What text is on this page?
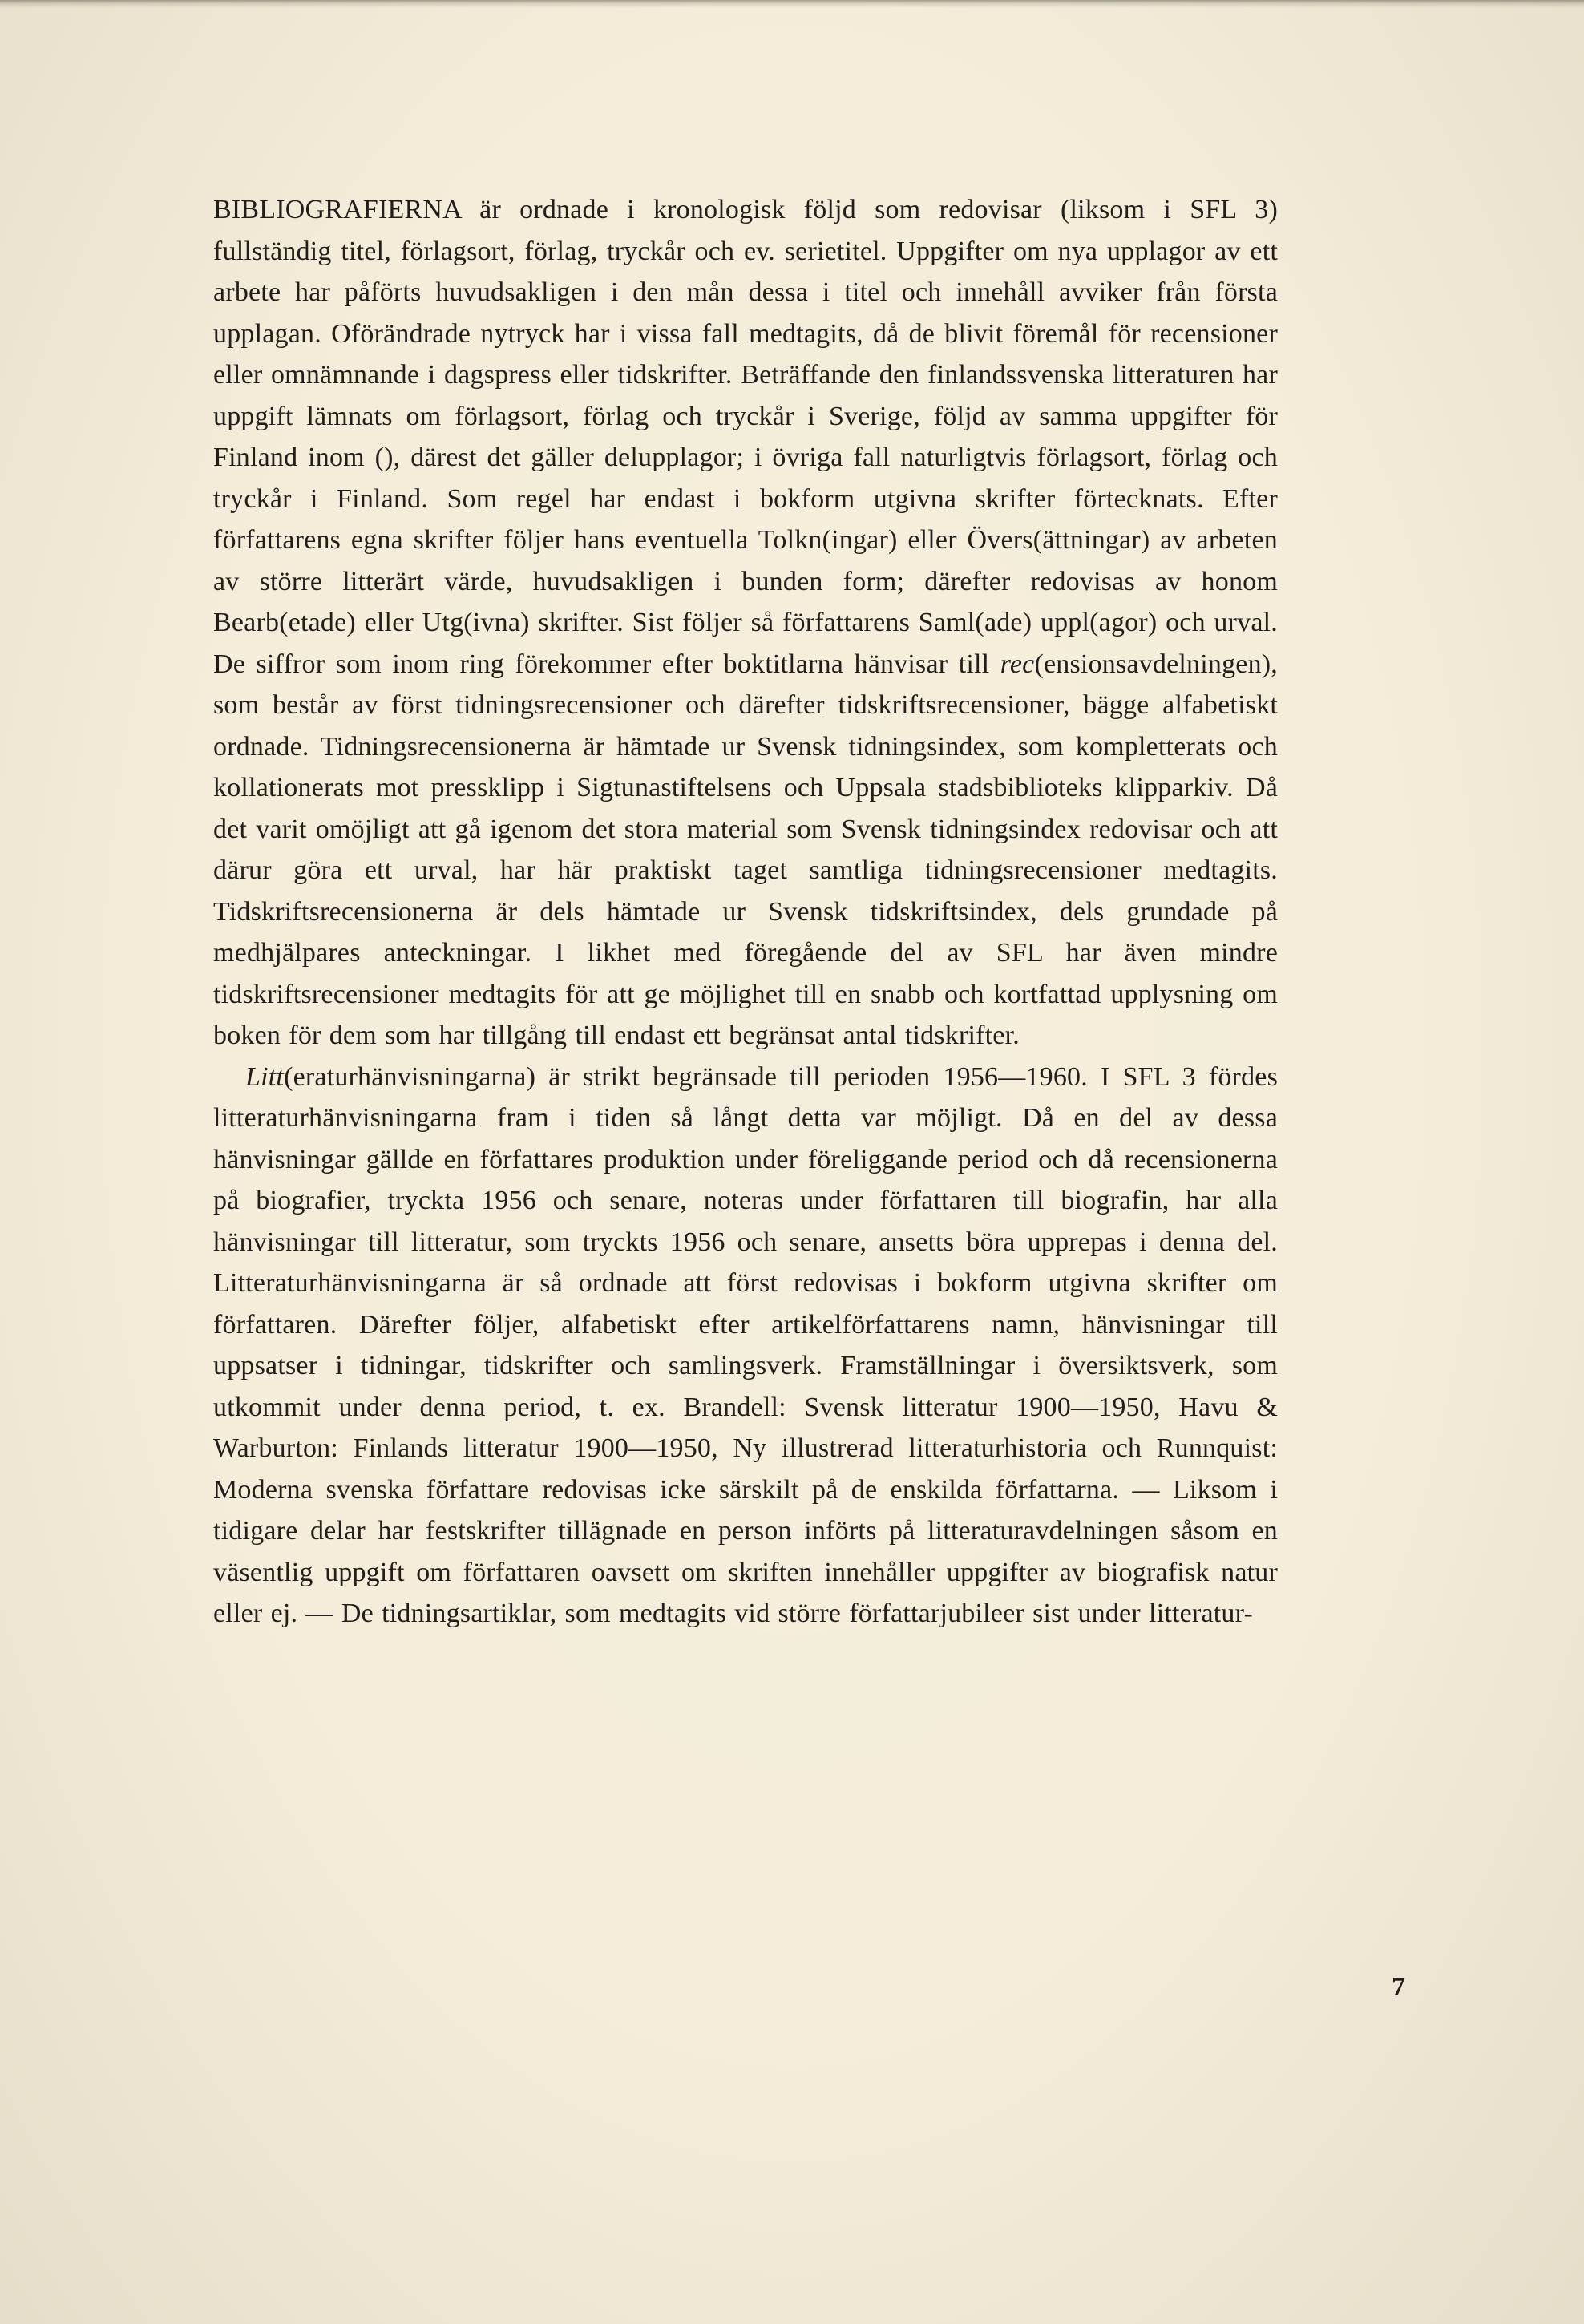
BIBLIOGRAFIERNA är ordnade i kronologisk följd som redovisar (liksom i SFL 3) fullständig titel, förlagsort, förlag, tryckår och ev. serietitel. Uppgifter om nya upplagor av ett arbete har påförts huvudsakligen i den mån dessa i titel och innehåll avviker från första upplagan. Oförändrade nytryck har i vissa fall medtagits, då de blivit föremål för recensioner eller omnämnande i dagspress eller tidskrifter. Beträffande den finlandssvenska litteraturen har uppgift lämnats om förlagsort, förlag och tryckår i Sverige, följd av samma uppgifter för Finland inom (), därest det gäller delupplagor; i övriga fall naturligtvis förlagsort, förlag och tryckår i Finland. Som regel har endast i bokform utgivna skrifter förtecknats. Efter författarens egna skrifter följer hans eventuella Tolkn(ingar) eller Övers(ättningar) av arbeten av större litterärt värde, huvudsakligen i bunden form; därefter redovisas av honom Bearb(etade) eller Utg(ivna) skrifter. Sist följer så författarens Saml(ade) uppl(agor) och urval. De siffror som inom ring förekommer efter boktitlarna hänvisar till rec(ensionsavdelningen), som består av först tidningsrecensioner och därefter tidskriftsrecensioner, bägge alfabetiskt ordnade. Tidningsrecensionerna är hämtade ur Svensk tidningsindex, som kompletterats och kollationerats mot pressklipp i Sigtunastiftelsens och Uppsala stadsbiblioteks klipparkiv. Då det varit omöjligt att gå igenom det stora material som Svensk tidningsindex redovisar och att därur göra ett urval, har här praktiskt taget samtliga tidningsrecensioner medtagits. Tidskriftsrecensionerna är dels hämtade ur Svensk tidskriftsindex, dels grundade på medhjälpares anteckningar. I likhet med föregående del av SFL har även mindre tidskriftsrecensioner medtagits för att ge möjlighet till en snabb och kortfattad upplysning om boken för dem som har tillgång till endast ett begränsat antal tidskrifter.

Litt(eraturhänvisningarna) är strikt begränsade till perioden 1956—1960. I SFL 3 fördes litteraturhänvisningarna fram i tiden så långt detta var möjligt. Då en del av dessa hänvisningar gällde en författares produktion under föreliggande period och då recensionerna på biografier, tryckta 1956 och senare, noteras under författaren till biografin, har alla hänvisningar till litteratur, som tryckts 1956 och senare, ansetts böra upprepas i denna del. Litteraturhänvisningarna är så ordnade att först redovisas i bokform utgivna skrifter om författaren. Därefter följer, alfabetiskt efter artikelförfattarens namn, hänvisningar till uppsatser i tidningar, tidskrifter och samlingsverk. Framställningar i översiktsverk, som utkommit under denna period, t. ex. Brandell: Svensk litteratur 1900—1950, Havu & Warburton: Finlands litteratur 1900—1950, Ny illustrerad litteraturhistoria och Runnquist: Moderna svenska författare redovisas icke särskilt på de enskilda författarna. — Liksom i tidigare delar har festskrifter tillägnade en person införts på litteraturavdelningen såsom en väsentlig uppgift om författaren oavsett om skriften innehåller uppgifter av biografisk natur eller ej. — De tidningsartiklar, som medtagits vid större författarjubileer sist under litteratur-

7
